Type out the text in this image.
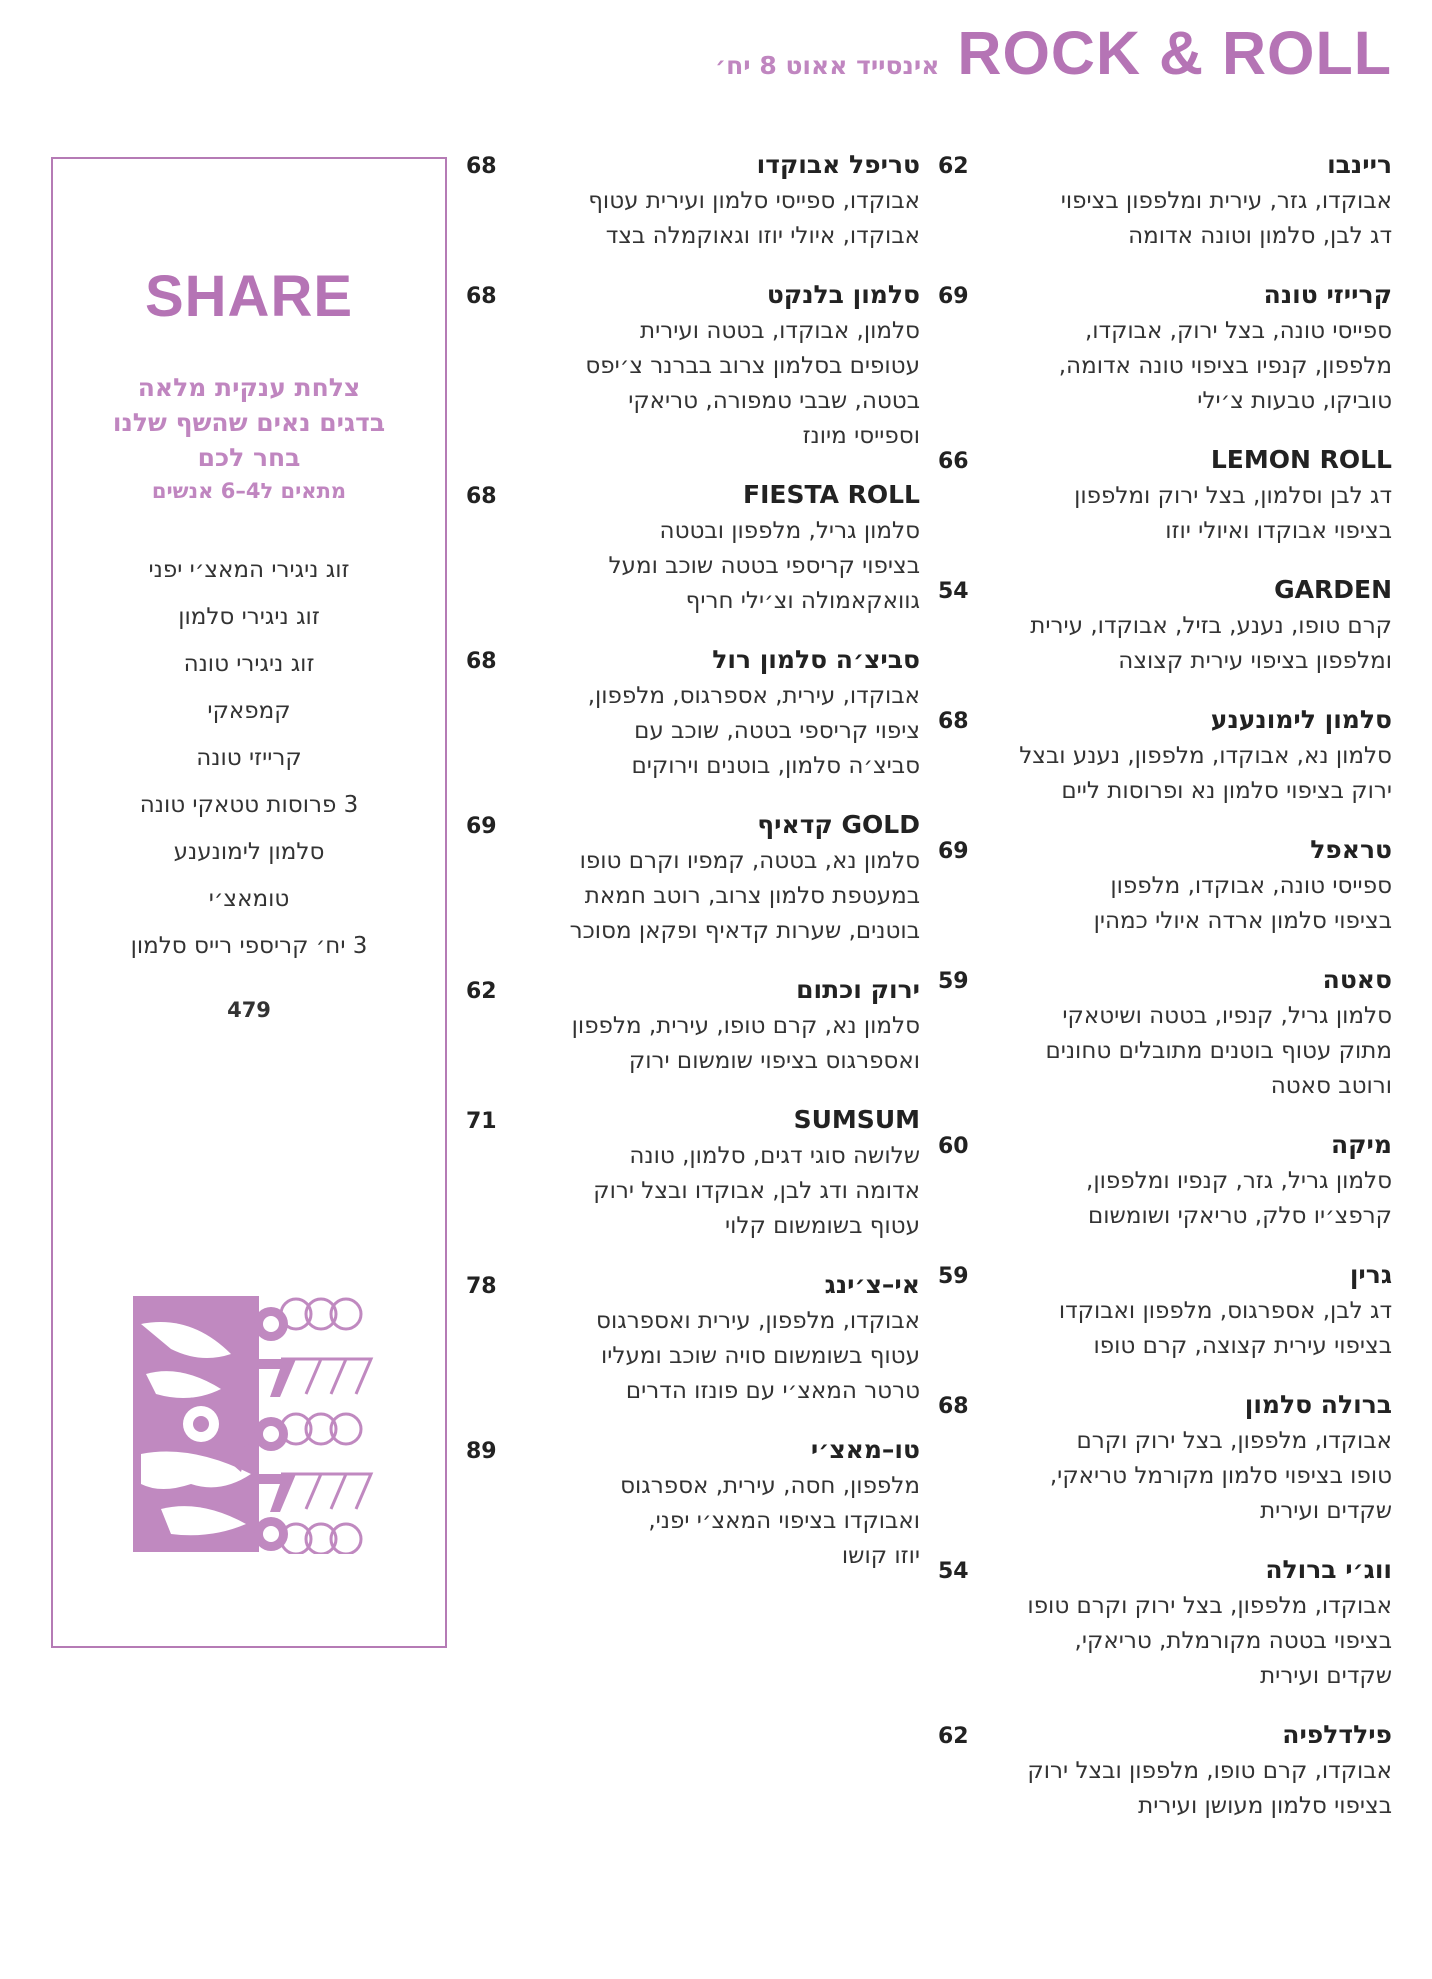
אינסייד אאוט 8 יח׳ ROCK & ROLL
ריינבו
62
אבוקדו, גזר, עירית ומלפפון בציפוי
דג לבן, סלמון וטונה אדומה
קרייזי טונה
69
ספייסי טונה, בצל ירוק, אבוקדו,
מלפפון, קנפיו בציפוי טונה אדומה,
טוביקו, טבעות צ׳ילי
LEMON ROLL
66
דג לבן וסלמון, בצל ירוק ומלפפון
בציפוי אבוקדו ואיולי יוזו
GARDEN
54
קרם טופו, נענע, בזיל, אבוקדו, עירית
ומלפפון בציפוי עירית קצוצה
סלמון לימונענע
68
סלמון נא, אבוקדו, מלפפון, נענע ובצל
ירוק בציפוי סלמון נא ופרוסות ליים
טראפל
69
ספייסי טונה, אבוקדו, מלפפון
בציפוי סלמון ארדה איולי כמהין
סאטה
59
סלמון גריל, קנפיו, בטטה ושיטאקי
מתוק עטוף בוטנים מתובלים טחונים
ורוטב סאטה
מיקה
60
סלמון גריל, גזר, קנפיו ומלפפון,
קרפצ׳יו סלק, טריאקי ושומשום
גרין
59
דג לבן, אספרגוס, מלפפון ואבוקדו
בציפוי עירית קצוצה, קרם טופו
ברולה סלמון
68
אבוקדו, מלפפון, בצל ירוק וקרם
טופו בציפוי סלמון מקורמל טריאקי,
שקדים ועירית
ווג׳י ברולה
54
אבוקדו, מלפפון, בצל ירוק וקרם טופו
בציפוי בטטה מקורמלת, טריאקי,
שקדים ועירית
פילדלפיה
62
אבוקדו, קרם טופו, מלפפון ובצל ירוק
בציפוי סלמון מעושן ועירית
טריפל אבוקדו
68
אבוקדו, ספייסי סלמון ועירית עטוף
אבוקדו, איולי יוזו וגאוקמלה בצד
סלמון בלנקט
68
סלמון, אבוקדו, בטטה ועירית
עטופים בסלמון צרוב בברנר צ׳יפס
בטטה, שבבי טמפורה, טריאקי
וספייסי מיונז
FIESTA ROLL
68
סלמון גריל, מלפפון ובטטה
בציפוי קריספי בטטה שוכב ומעל
גוואקאמולה וצ׳ילי חריף
סביצ׳ה סלמון רול
68
אבוקדו, עירית, אספרגוס, מלפפון,
ציפוי קריספי בטטה, שוכב עם
סביצ׳ה סלמון, בוטנים וירוקים
GOLD קדאיף
69
סלמון נא, בטטה, קמפיו וקרם טופו
במעטפת סלמון צרוב, רוטב חמאת
בוטנים, שערות קדאיף ופקאן מסוכר
ירוק וכתום
62
סלמון נא, קרם טופו, עירית, מלפפון
ואספרגוס בציפוי שומשום ירוק
SUMSUM
71
שלושה סוגי דגים, סלמון, טונה
אדומה ודג לבן, אבוקדו ובצל ירוק
עטוף בשומשום קלוי
אי–צ׳ינג
78
אבוקדו, מלפפון, עירית ואספרגוס
עטוף בשומשום סויה שוכב ומעליו
טרטר המאצ׳י עם פונזו הדרים
טו–מאצ׳י
89
מלפפון, חסה, עירית, אספרגוס
ואבוקדו בציפוי המאצ׳י יפני,
יוזו קושו
SHARE
צלחת ענקית מלאה
בדגים נאים שהשף שלנו
בחר לכם
מתאים ל4–6 אנשים
זוג ניגירי המאצ׳י יפני
זוג ניגירי סלמון
זוג ניגירי טונה
קמפאקי
קרייזי טונה
3 פרוסות טטאקי טונה
סלמון לימונענע
טומאצ׳י
3 יח׳ קריספי רייס סלמון
479
